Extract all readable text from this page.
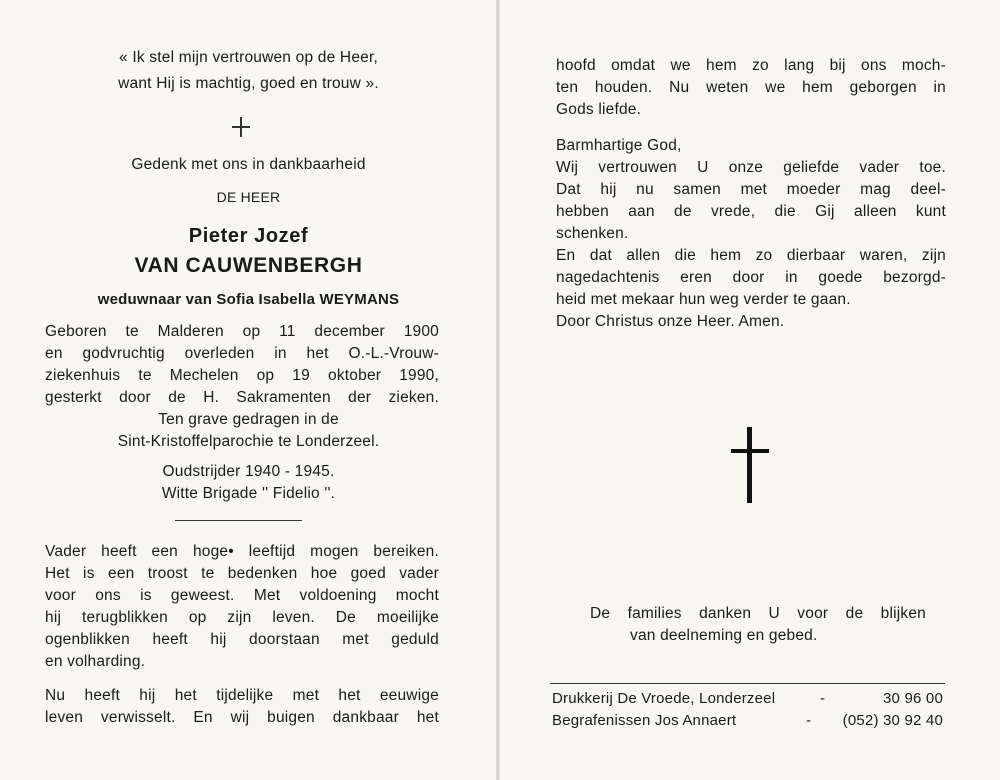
« Ik stel mijn vertrouwen op de Heer,
want Hij is machtig, goed en trouw ».
Gedenk met ons in dankbaarheid
DE HEER
Pieter Jozef
VAN CAUWENBERGH
weduwnaar van Sofia Isabella WEYMANS
Geboren te Malderen op 11 december 1900
en godvruchtig overleden in het O.-L.-Vrouw-
ziekenhuis te Mechelen op 19 oktober 1990,
gesterkt door de H. Sakramenten der zieken.
Ten grave gedragen in de
Sint-Kristoffelparochie te Londerzeel.
Oudstrijder 1940 - 1945.
Witte Brigade '' Fidelio ''.
Vader heeft een hoge• leeftijd mogen bereiken.
Het is een troost te bedenken hoe goed vader
voor ons is geweest. Met voldoening mocht
hij terugblikken op zijn leven. De moeilijke
ogenblikken heeft hij doorstaan met geduld
en volharding.
Nu heeft hij het tijdelijke met het eeuwige
leven verwisselt. En wij buigen dankbaar het
hoofd omdat we hem zo lang bij ons moch-
ten houden. Nu weten we hem geborgen in
Gods liefde.
Barmhartige God,
Wij vertrouwen U onze geliefde vader toe.
Dat hij nu samen met moeder mag deel-
hebben aan de vrede, die Gij alleen kunt
schenken.
En dat allen die hem zo dierbaar waren, zijn
nagedachtenis eren door in goede bezorgd-
heid met mekaar hun weg verder te gaan.
Door Christus onze Heer. Amen.
De families danken U voor de blijken
van deelneming en gebed.
Drukkerij De Vroede, Londerzeel	-	30 96 00
Begrafenissen Jos Annaert	-	(052) 30 92 40
